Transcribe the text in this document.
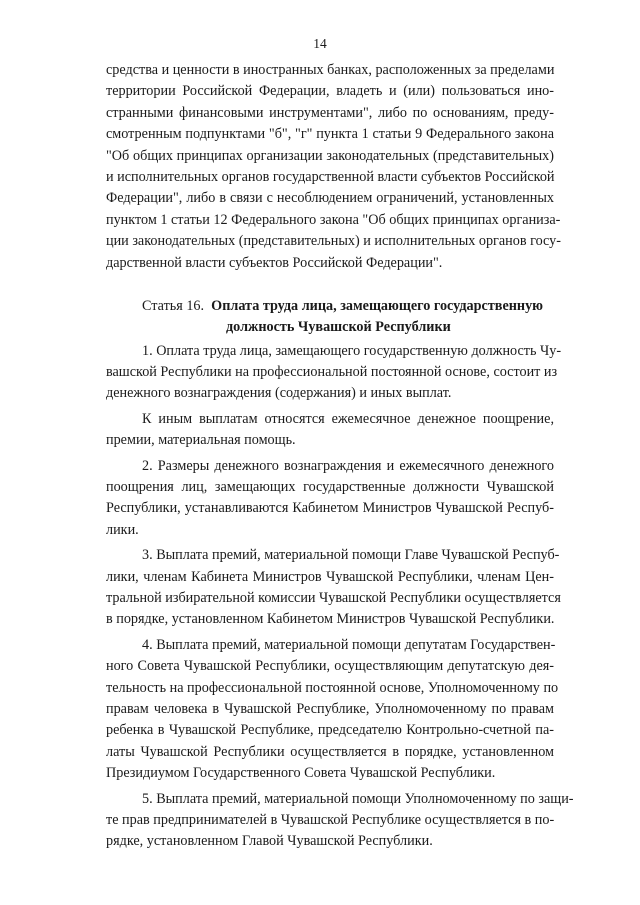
14
средства и ценности в иностранных банках, расположенных за пределами
территории Российской Федерации, владеть и (или) пользоваться ино-
странными финансовыми инструментами", либо по основаниям, преду-
смотренным подпунктами "б", "г" пункта 1 статьи 9 Федерального закона
"Об общих принципах организации законодательных (представительных)
и исполнительных органов государственной власти субъектов Российской
Федерации", либо в связи с несоблюдением ограничений, установленных
пунктом 1 статьи 12 Федерального закона "Об общих принципах организа-
ции законодательных (представительных) и исполнительных органов госу-
дарственной власти субъектов Российской Федерации".
Статья 16. Оплата труда лица, замещающего государственную
должность Чувашской Республики
1. Оплата труда лица, замещающего государственную должность Чу-
вашской Республики на профессиональной постоянной основе, состоит из
денежного вознаграждения (содержания) и иных выплат.
К иным выплатам относятся ежемесячное денежное поощрение,
премии, материальная помощь.
2. Размеры денежного вознаграждения и ежемесячного денежного
поощрения лиц, замещающих государственные должности Чувашской
Республики, устанавливаются Кабинетом Министров Чувашской Респуб-
лики.
3. Выплата премий, материальной помощи Главе Чувашской Респуб-
лики, членам Кабинета Министров Чувашской Республики, членам Цен-
тральной избирательной комиссии Чувашской Республики осуществляется
в порядке, установленном Кабинетом Министров Чувашской Республики.
4. Выплата премий, материальной помощи депутатам Государствен-
ного Совета Чувашской Республики, осуществляющим депутатскую дея-
тельность на профессиональной постоянной основе, Уполномоченному по
правам человека в Чувашской Республике, Уполномоченному по правам
ребенка в Чувашской Республике, председателю Контрольно-счетной па-
латы Чувашской Республики осуществляется в порядке, установленном
Президиумом Государственного Совета Чувашской Республики.
5. Выплата премий, материальной помощи Уполномоченному по защи-
те прав предпринимателей в Чувашской Республике осуществляется в по-
рядке, установленном Главой Чувашской Республики.
